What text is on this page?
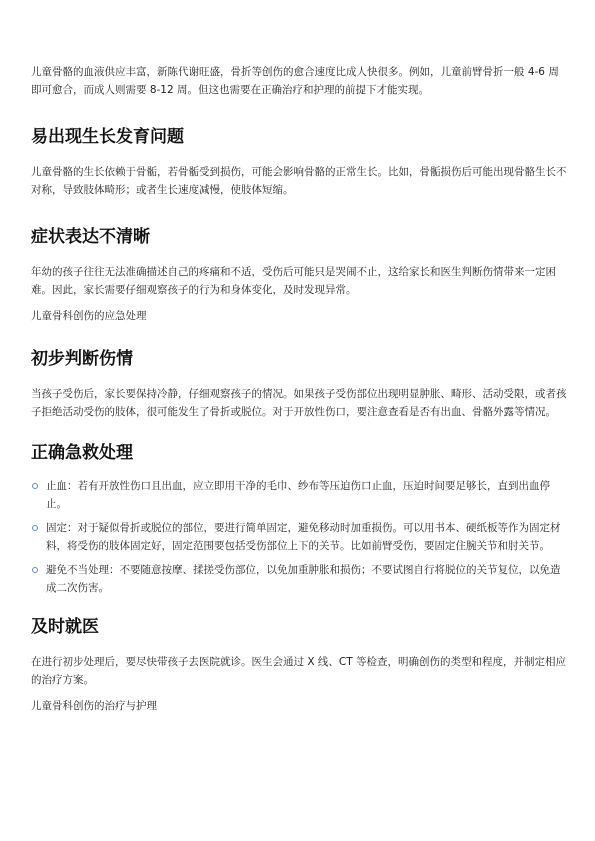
儿童骨骼的血液供应丰富，新陈代谢旺盛，骨折等创伤的愈合速度比成人快很多。例如，儿童前臂骨折一般 4-6 周即可愈合，而成人则需要 8-12 周。但这也需要在正确治疗和护理的前提下才能实现。

易出现生长发育问题

儿童骨骼的生长依赖于骨骺，若骨骺受到损伤，可能会影响骨骼的正常生长。比如，骨骺损伤后可能出现骨骼生长不对称，导致肢体畸形；或者生长速度减慢，使肢体短缩。

症状表达不清晰

年幼的孩子往往无法准确描述自己的疼痛和不适，受伤后可能只是哭闹不止，这给家长和医生判断伤情带来一定困难。因此，家长需要仔细观察孩子的行为和身体变化，及时发现异常。

儿童骨科创伤的应急处理

初步判断伤情

当孩子受伤后，家长要保持冷静，仔细观察孩子的情况。如果孩子受伤部位出现明显肿胀、畸形、活动受限，或者孩子拒绝活动受伤的肢体，很可能发生了骨折或脱位。对于开放性伤口，要注意查看是否有出血、骨骼外露等情况。

正确急救处理
止血：若有开放性伤口且出血，应立即用干净的毛巾、纱布等压迫伤口止血，压迫时间要足够长，直到出血停止。
固定：对于疑似骨折或脱位的部位，要进行简单固定，避免移动时加重损伤。可以用书本、硬纸板等作为固定材料，将受伤的肢体固定好，固定范围要包括受伤部位上下的关节。比如前臂受伤，要固定住腕关节和肘关节。
避免不当处理：不要随意按摩、揉搓受伤部位，以免加重肿胀和损伤；不要试图自行将脱位的关节复位，以免造成二次伤害。
及时就医

在进行初步处理后，要尽快带孩子去医院就诊。医生会通过 X 线、CT 等检查，明确创伤的类型和程度，并制定相应的治疗方案。

儿童骨科创伤的治疗与护理
